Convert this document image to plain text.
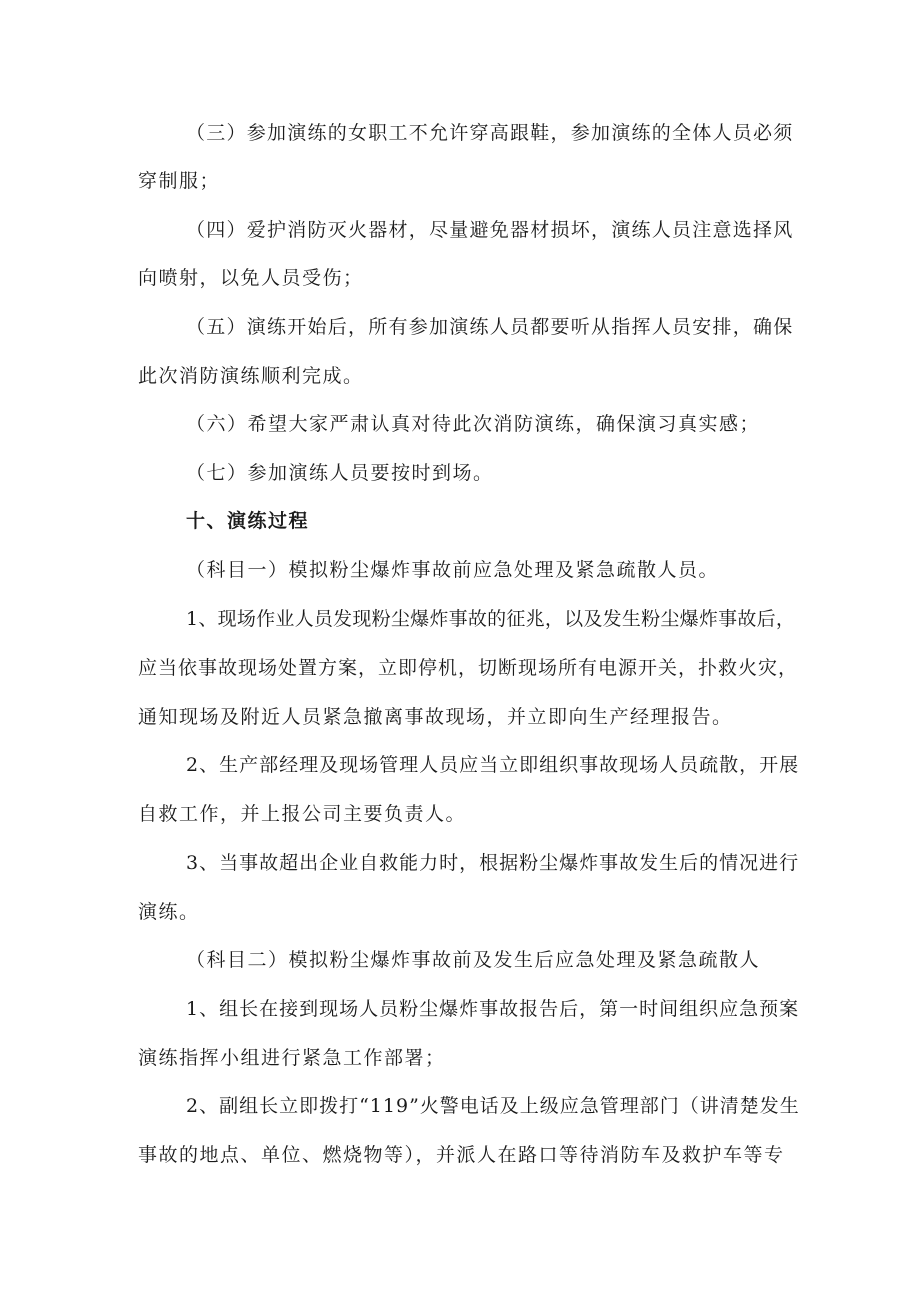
（三）参加演练的女职工不允许穿高跟鞋，参加演练的全体人员必须
穿制服；
（四）爱护消防灭火器材，尽量避免器材损坏，演练人员注意选择风
向喷射，以免人员受伤；
（五）演练开始后，所有参加演练人员都要听从指挥人员安排，确保
此次消防演练顺利完成。
（六）希望大家严肃认真对待此次消防演练，确保演习真实感；
（七）参加演练人员要按时到场。
十、演练过程
（科目一）模拟粉尘爆炸事故前应急处理及紧急疏散人员。
1、现场作业人员发现粉尘爆炸事故的征兆，以及发生粉尘爆炸事故后，
应当依事故现场处置方案，立即停机，切断现场所有电源开关，扑救火灾，
通知现场及附近人员紧急撤离事故现场，并立即向生产经理报告。
2、生产部经理及现场管理人员应当立即组织事故现场人员疏散，开展
自救工作，并上报公司主要负责人。
3、当事故超出企业自救能力时，根据粉尘爆炸事故发生后的情况进行
演练。
（科目二）模拟粉尘爆炸事故前及发生后应急处理及紧急疏散人
1、组长在接到现场人员粉尘爆炸事故报告后，第一时间组织应急预案
演练指挥小组进行紧急工作部署；
2、副组长立即拨打“119”火警电话及上级应急管理部门（讲清楚发生
事故的地点、单位、燃烧物等），并派人在路口等待消防车及救护车等专
